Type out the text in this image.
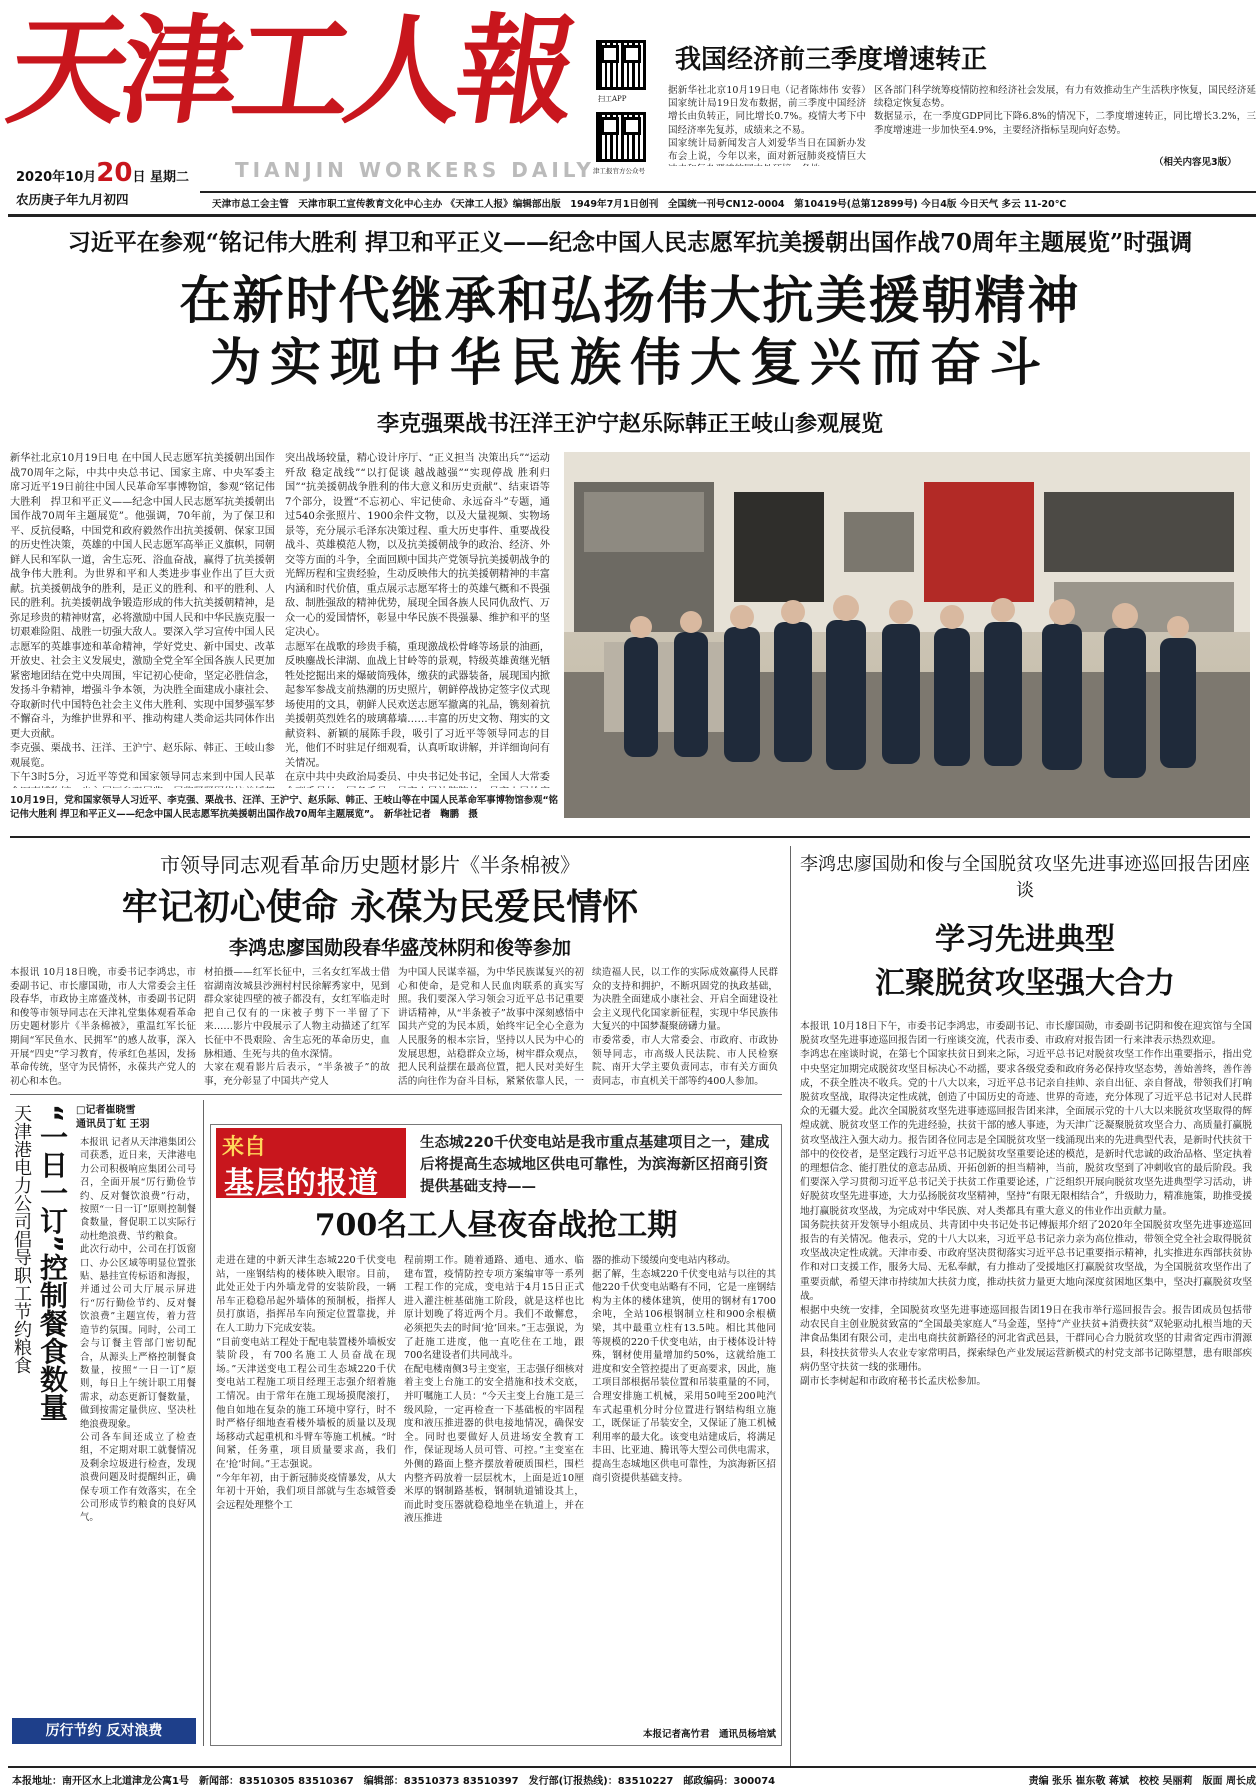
天津工人報
TIANJIN WORKERS DAILY
2020年10月20日 星期二
农历庚子年九月初四
扫工APP
津工报官方公众号
我国经济前三季度增速转正
据新华社北京10月19日电（记者陈炜伟 安蓉）国家统计局19日发布数据，前三季度中国经济增长由负转正，同比增长0.7%。疫情大考下中国经济率先复苏，成绩来之不易。
国家统计局新闻发言人刘爱华当日在国新办发布会上说，今年以来，面对新冠肺炎疫情巨大
区各部门科学统筹疫情防控和经济社会发展，有力有效推动生产生活秩序恢复，国民经济延续稳定恢复态势。
数据显示，在一季度GDP同比下降6.8%的情况下，二季度增速转正，同比增长3.2%，三季度增速进一步加快至4.9%，主要经济指标呈现向好态势。
（相关内容见3版）
天津市总工会主管　天津市职工宣传教育文化中心主办 《天津工人报》编辑部出版　1949年7月1日创刊　全国统一刊号CN12-0004　第10419号(总第12899号) 今日4版 今日天气 多云 11-20℃
习近平在参观“铭记伟大胜利 捍卫和平正义——纪念中国人民志愿军抗美援朝出国作战70周年主题展览”时强调
在新时代继承和弘扬伟大抗美援朝精神
为实现中华民族伟大复兴而奋斗
李克强栗战书汪洋王沪宁赵乐际韩正王岐山参观展览
新华社北京10月19日电 在中国人民志愿军抗美援朝出国作战70周年之际，中共中央总书记、国家主席、中央军委主席习近平19日前往中国人民革命军事博物馆，参观“铭记伟大胜利　捍卫和平正义——纪念中国人民志愿军抗美援朝出国作战70周年主题展览”。他强调，70年前，为了保卫和平、反抗侵略，中国党和政府毅然作出抗美援朝、保家卫国的历史性决策，英雄的中国人民志愿军高举正义旗帜，同朝鲜人民和军队一道，舍生忘死、浴血奋战，赢得了抗美援朝战争伟大胜利。为世界和平和人类进步事业作出了巨大贡献。抗美援朝战争的胜利，是正义的胜利、和平的胜利、人民的胜利。抗美援朝战争锻造形成的伟大抗美援朝精神，是弥足珍贵的精神财富，必将激励中国人民和中华民族克服一切艰难险阻、战胜一切强大敌人。要深入学习宣传中国人民志愿军的英雄事迹和革命精神，学好党史、新中国史、改革开放史、社会主义发展史，激励全党全军全国各族人民更加紧密地团结在党中央周围，牢记初心使命，坚定必胜信念，发扬斗争精神，增强斗争本领，为决胜全面建成小康社会、夺取新时代中国特色社会主义伟大胜利、实现中国梦强军梦不懈奋斗，为维护世界和平、推动构建人类命运共同体作出更大贡献。
李克强、栗战书、汪洋、王沪宁、赵乐际、韩正、王岐山参观展览。
下午3时5分，习近平等党和国家领导同志来到中国人民革
突出战场较量，精心设计序厅、“正义担当 决策出兵”“运动歼敌 稳定战线”“以打促谈 越战越强”“实现停战 胜利归国”“抗美援朝战争胜利的伟大意义和历史贡献”、结束语等7个部分，设置“不忘初心、牢记使命、永远奋斗”专题，通过540余张照片、1900余件文物，以及大量视频、实物场景等，充分展示毛泽东决策过程、重大历史事件、重要战役战斗、英雄模范人物，以及抗美援朝战争的政治、经济、外交等方面的斗争，全面回顾中国共产党领导抗美援朝战争的光辉历程和宝贵经验，生动反映伟大的抗美援朝精神的丰富内涵和时代价值，重点展示志愿军将士的英雄气概和不畏强敌、制胜强敌的精神优势，展现全国各族人民同仇敌忾、万众一心的爱国情怀，彰显中华民族不畏强暴、维护和平的坚定决心。
志愿军在战歌的珍贵手稿，重现激战松骨峰等场景的油画，反映鏖战长津湖、血战上甘岭等的景观，特级英雄黄继光牺牲处挖掘出来的爆破筒残体，缴获的武器装备，展现国内掀起参军参战支前热潮的历史照片，朝鲜停战协定签字仪式现场使用的文具，朝鲜人民欢送志愿军撤离的礼品，镌刻着抗美援朝英烈姓名的玻璃幕墙……丰富的历史文物、翔实的文献资料、新颖的展陈手段，吸引了习近平等领导同志的目光，他们不时驻足仔细观看，认真听取讲解，并详细询问有关情况。
在京中共中央政治局委员、中央书记处书记，全国人大常委
10月19日，党和国家领导人习近平、李克强、栗战书、汪洋、王沪宁、赵乐际、韩正、王岐山等在中国人民革命军事博物馆参观“铭记伟大胜利 捍卫和平正义——纪念中国人民志愿军抗美援朝出国作战70周年主题展览”。　新华社记者　鞠鹏　摄
市领导同志观看革命历史题材影片《半条棉被》
牢记初心使命 永葆为民爱民情怀
李鸿忠廖国勋段春华盛茂林阴和俊等参加
本报讯 10月18日晚，市委书记李鸿忠，市委副书记、市长廖国勋，市人大常委会主任段春华，市政协主席盛茂林，市委副书记阴和俊等市领导同志在天津礼堂集体观看革命历史题材影片《半条棉被》，重温红军长征期间“军民鱼水、民拥军”的感人故事，深入开展“四史”学习教育，传承红色基因，发扬革命传统，坚守为民情怀，永葆共产党人的初心和本色。

材拍摄——红军长征中，三名女红军战士借宿湖南汝城县沙洲村村民徐解秀家中，见到群众家徒四壁的被子都没有，女红军临走时把自己仅有的一床被子剪下一半留了下来……影片中段展示了人物主动描述了红军长征中不畏艰险、舍生忘死的革命历史，血脉相通、生死与共的鱼水深情。
大家在观看影片后表示，“半条被子”的故事，充分彰显了中国共产党人
为中国人民谋幸福，为中华民族谋复兴的初心和使命，是党和人民血肉联系的真实写照。我们要深入学习领会习近平总书记重要讲话精神，从“半条被子”故事中深刻感悟中国共产党的为民本质，始终牢记全心全意为人民服务的根本宗旨，坚持以人民为中心的发展思想，站稳群众立场，树牢群众观点，把人民利益摆在最高位置，把人民对美好生活的向往作为奋斗目标，紧紧依靠人民，一
续造福人民，以工作的实际成效赢得人民群众的支持和拥护，不断巩固党的执政基础，为决胜全面建成小康社会、开启全面建设社会主义现代化国家新征程，实现中华民族伟大复兴的中国梦凝聚磅礴力量。
市委常委，市人大常委会、市政府、市政协领导同志，市高级人民法院、市人民检察院、南开大学主要负责同志，市有关方面负责同志，市直机关干部等约400人参加。
李鸿忠廖国勋和俊与全国脱贫攻坚先进事迹巡回报告团座谈
学习先进典型
汇聚脱贫攻坚强大合力
本报讯 10月18日下午，市委书记李鸿忠，市委副书记、市长廖国勋，市委副书记阴和俊在迎宾馆与全国脱贫攻坚先进事迹巡回报告团一行座谈交流，代表市委、市政府对报告团一行来津表示热烈欢迎。
李鸿忠在座谈时说，在第七个国家扶贫日到来之际，习近平总书记对脱贫攻坚工作作出重要指示，指出党中央坚定加期完成脱贫攻坚目标决心不动摇，要求各级党委和政府务必保持攻坚态势，善始善终，善作善成，不获全胜决不收兵。党的十八大以来，习近平总书记亲自挂帅、亲自出征、亲自督战，带领我们打响脱贫攻坚战，取得决定性成就，创造了中国历史的奇迹、世界的奇迹，充分体现了习近平总书记对人民群众的无疆大爱。此次全国脱贫攻坚先进事迹巡回报告团来津，全面展示党的十八大以来脱贫攻坚取得的辉煌成就、脱贫攻坚工作的先进经验，扶贫干部的感人事迹，为天津广泛凝聚脱贫攻坚合力、高质量打赢脱贫攻坚战注入强大动力。报告团各位同志是全国脱贫攻坚一线涌现出来的先进典型代表，是新时代扶贫干部中的佼佼者，是坚定践行习近平总书记脱贫攻坚重要论述的模范，是新时代忠诚的政治品格、坚定执着的理想信念、能打胜仗的意志品质、开拓创新的担当精神，当前，脱贫攻坚到了冲刺收官的最后阶段。我们要深入学习贯彻习近平总书记关于扶贫工作重要论述，广泛组织开展向脱贫攻坚先进典型学习活动，讲好脱贫攻坚先进事迹，大力弘扬脱贫攻坚精神，坚持“有限无限相结合”，升级助力，精准施策，助推受援地打赢脱贫攻坚战，为完成对中华民族、对人类都具有重大意义的伟业作出贡献力量。
国务院扶贫开发领导小组成员、共青团中央书记处书记傅振邦介绍了2020年全国脱贫攻坚先进事迹巡回报告的有关情况。他表示，党的十八大以来，习近平总书记亲力亲为高位推动，带领全党全社会取得脱贫攻坚战决定性成就。天津市委、市政府坚决贯彻落实习近平总书记重要指示精神，扎实推进东西部扶贫协作和对口支援工作，服务大局、无私奉献，有力推动了受援地区打赢脱贫攻坚战，为全国脱贫攻坚作出了重要贡献，希望天津市持续加大扶贫力度，推动扶贫力量更大地向深度贫困地区集中，坚决打赢脱贫攻坚战。
根据中央统一安排，全国脱贫攻坚先进事迹巡回报告团19日在我市举行巡回报告会。报告团成员包括带动农民自主创业脱贫致富的“全国最美家庭人”马金莲，坚持“产业扶贫+消费扶贫”双轮驱动扎根当地的天津食品集团有限公司，走出电商扶贫新路径的河北省武邑县，干群同心合力脱贫攻坚的甘肃省定西市渭源县，科技扶贫带头人农业专家常明昌，探索绿色产业发展运营新模式的村党支部书记陈望慧，患有眼部疾病仍坚守扶贫一线的张珊伟。
副市长李树起和市政府秘书长孟庆松参加。
天津港电力公司倡导职工节约粮食 “一日一订”控制餐食数量 □记者崔晓雪
通讯员丁虹 王羽
本报讯 记者从天津港集团公司获悉，近日来，天津港电力公司积极响应集团公司号召，全面开展“厉行勤俭节约、反对餐饮浪费”行动，按照“一日一订”原则控制餐食数量，督促职工以实际行动杜绝浪费、节约粮食。
此次行动中，公司在打饭窗口、办公区域等明显位置张贴、悬挂宣传标语和海报，并通过公司大厅展示屏进行“厉行勤俭节约、反对餐饮浪费”主题宣传，着力营造节约氛围。同时，公司工会与订餐主管部门密切配合，从源头上严格控制餐食数量，按照“一日一订”原则，每日上午统计职工用餐需求，动态更新订餐数量，做到按需定量供应、坚决杜绝浪费现象。
公司各车间还成立了检查组，不定期对职工就餐情况及剩余垃圾进行检查，发现浪费问题及时提醒纠正，确保专项工作有效落实，在全公司形成节约粮食的良好风气。
厉行节约 反对浪费
来自
基层的报道
生态城220千伏变电站是我市重点基建项目之一，建成后将提高生态城地区供电可靠性，为滨海新区招商引资提供基础支持——
700名工人昼夜奋战抢工期
走进在建的中新天津生态城220千伏变电站，一座钢结构的楼体映入眼帘。目前，此处正处于内外墙龙骨的安装阶段，一辆吊车正稳稳吊起外墙体的预制板，指挥人员打旗语，指挥吊车向预定位置靠拢，并在人工助力下完成安装。
“目前变电站工程处于配电装置楼外墙板安装阶段，有700名施工人员奋战在现场。”天津送变电工程公司生态城220千伏变电站工程施工项目经理王志强介绍着施工情况。由于常年在施工现场摸爬滚打，他自如地在复杂的施工环境中穿行，时不时严格仔细地查看楼外墙板的质量以及现场移动式起重机和斗臂车等施工机械。“时间紧，任务重，项目质量要求高，我们在‘抢’时间。”王志强说。
“今年年初，由于新冠肺炎疫情暴发，从大年初十开始，我们项目部就与生态城管委会远程处理整个工
程前期工作。随着通路、通电、通水、临建布置，疫情防控专项方案编审等一系列工程工作的完成，变电站于4月15日正式进入灌注桩基础施工阶段，就是这样也比原计划晚了将近两个月。我们不敢懈怠，必须把失去的时间‘抢’回来。”王志强说，为了赶施工进度，他一直吃住在工地，跟700名建设者们共同战斗。
在配电楼南侧3号主变室，王志强仔细核对着主变上台施工的安全措施和技术交底，并叮嘱施工人员：“今天主变上台施工是三级风险，一定再检查一下基础板的牢固程度和液压推进器的供电接地情况，确保安全。同时也要做好人员进场安全教育工作，保证现场人员可管、可控。”主变室在外侧的路面上整齐摆放着硬质围栏，围栏内整齐码放着一层层枕木，上面是近10厘米厚的钢制路基板，钢制轨道铺设其上，而此时变压器就稳稳地坐在轨道上，并在液压推进
器的推动下缓缓向变电站内移动。
据了解，生态城220千伏变电站与以往的其他220千伏变电站略有不同，它是一座钢结构为主体的楼体建筑，使用的钢材有1700余吨，全站106根钢制立柱和900余根横梁，其中最重立柱有13.5吨。相比其他同等规模的220千伏变电站，由于楼体设计特殊，钢材使用量增加约50%，这就给施工进度和安全管控提出了更高要求，因此，施工项目部根据吊装位置和吊装重量的不同，合理安排施工机械，采用50吨至200吨汽车式起重机分时分位置进行钢结构组立施工，既保证了吊装安全，又保证了施工机械利用率的最大化。该变电站建成后，将满足丰田、比亚迪、腾讯等大型公司供电需求，提高生态城地区供电可靠性，为滨海新区招商引资提供基础支持。
本报记者高竹君　通讯员杨培斌
本报地址：南开区水上北道津龙公寓1号　新闻部：83510305 83510367　编辑部：83510373 83510397　发行部(订报热线)：83510227　邮政编码：300074	责编 张乐 崔东敬 蒋斌　校校 吴丽莉　版面 周长成
